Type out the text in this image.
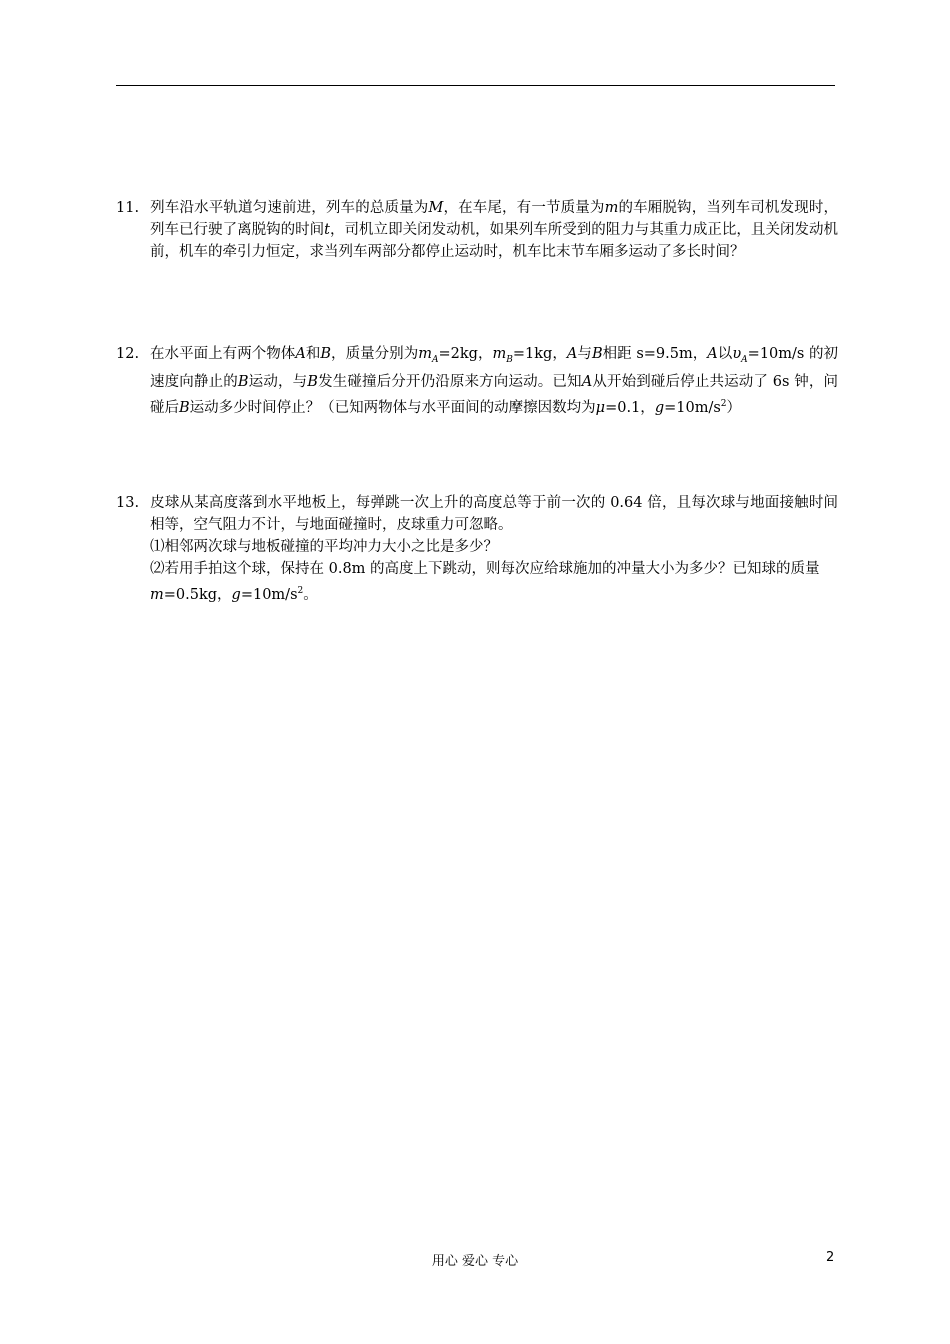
11. 列车沿水平轨道匀速前进，列车的总质量为M，在车尾，有一节质量为m的车厢脱钩，当列车司机发现时，列车已行驶了离脱钩的时间t，司机立即关闭发动机，如果列车所受到的阻力与其重力成正比，且关闭发动机前，机车的牵引力恒定，求当列车两部分都停止运动时，机车比末节车厢多运动了多长时间？

12. 在水平面上有两个物体A和B，质量分别为$m_A=2kg$，$m_B=1kg$，A与B相距 s=9.5m，A以$\upsilon_A=10m/s$ 的初速度向静止的B运动，与B发生碰撞后分开仍沿原来方向运动。已知A从开始到碰后停止共运动了 6s 钟，问碰后B运动多少时间停止？（已知两物体与水平面间的动摩擦因数均为μ=0.1，$g=10m/s^2$）

13. 皮球从某高度落到水平地板上，每弹跳一次上升的高度总等于前一次的 0.64 倍，且每次球与地面接触时间相等，空气阻力不计，与地面碰撞时，皮球重力可忽略。

⑴相邻两次球与地板碰撞的平均冲力大小之比是多少？

⑵若用手拍这个球，保持在 0.8m 的高度上下跳动，则每次应给球施加的冲量大小为多少？已知球的质量m=0.5kg，$g=10m/s^2$。

用心 爱心 专心	2
